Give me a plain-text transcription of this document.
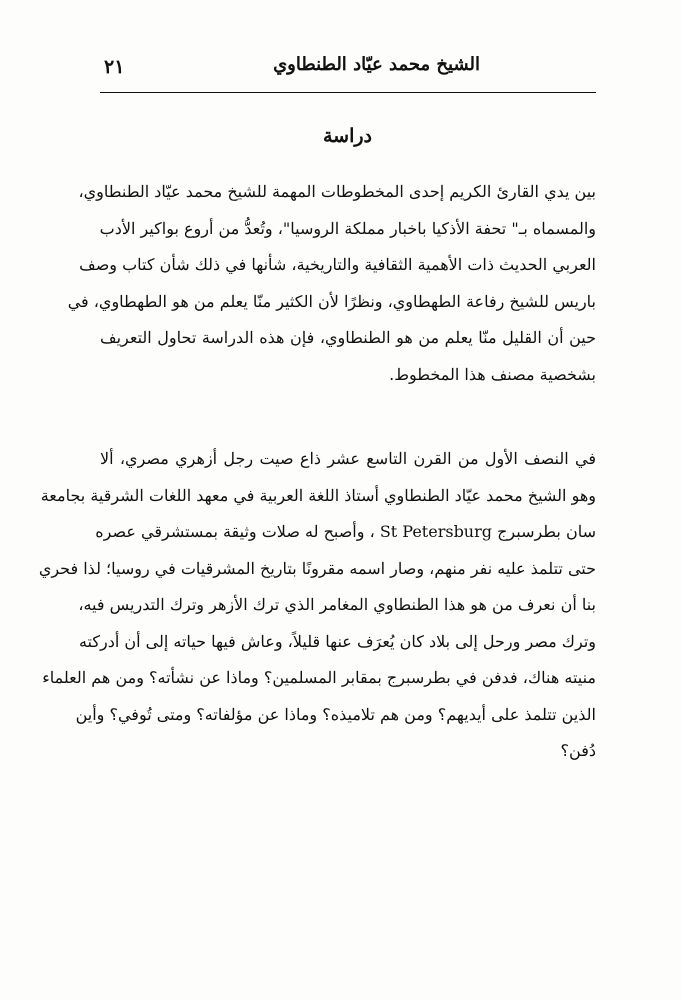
الشيخ محمد عيّاد الطنطاوي
٢١
دراسة
بين يدي القارئ الكريم إحدى المخطوطات المهمة للشيخ محمد عيّاد الطنطاوي،
والمسماه بـ" تحفة الأذكيا باخبار مملكة الروسيا"، وتُعدُّ من أروع بواكير الأدب
العربي الحديث ذات الأهمية الثقافية والتاريخية، شأنها في ذلك شأن كتاب وصف
باريس للشيخ رفاعة الطهطاوي، ونظرًا لأن الكثير منّا يعلم من هو الطهطاوي، في
حين أن القليل منّا يعلم من هو الطنطاوي، فإن هذه الدراسة تحاول التعريف
بشخصية مصنف هذا المخطوط.
في النصف الأول من القرن التاسع عشر ذاع صيت رجل أزهري مصري، ألا
وهو الشيخ محمد عيّاد الطنطاوي أستاذ اللغة العربية في معهد اللغات الشرقية بجامعة
سان بطرسبرج St Petersburg ، وأصبح له صلات وثيقة بمستشرقي عصره
حتى تتلمذ عليه نفر منهم، وصار اسمه مقرونًا بتاريخ المشرقيات في روسيا؛ لذا فحري
بنا أن نعرف من هو هذا الطنطاوي المغامر الذي ترك الأزهر وترك التدريس فيه،
وترك مصر ورحل إلى بلاد كان يُعرَف عنها قليلاً، وعاش فيها حياته إلى أن أدركته
منيته هناك، فدفن في بطرسبرج بمقابر المسلمين؟ وماذا عن نشأته؟ ومن هم العلماء
الذين تتلمذ على أيديهم؟ ومن هم تلاميذه؟ وماذا عن مؤلفاته؟ ومتى تُوفي؟ وأين
دُفن؟
